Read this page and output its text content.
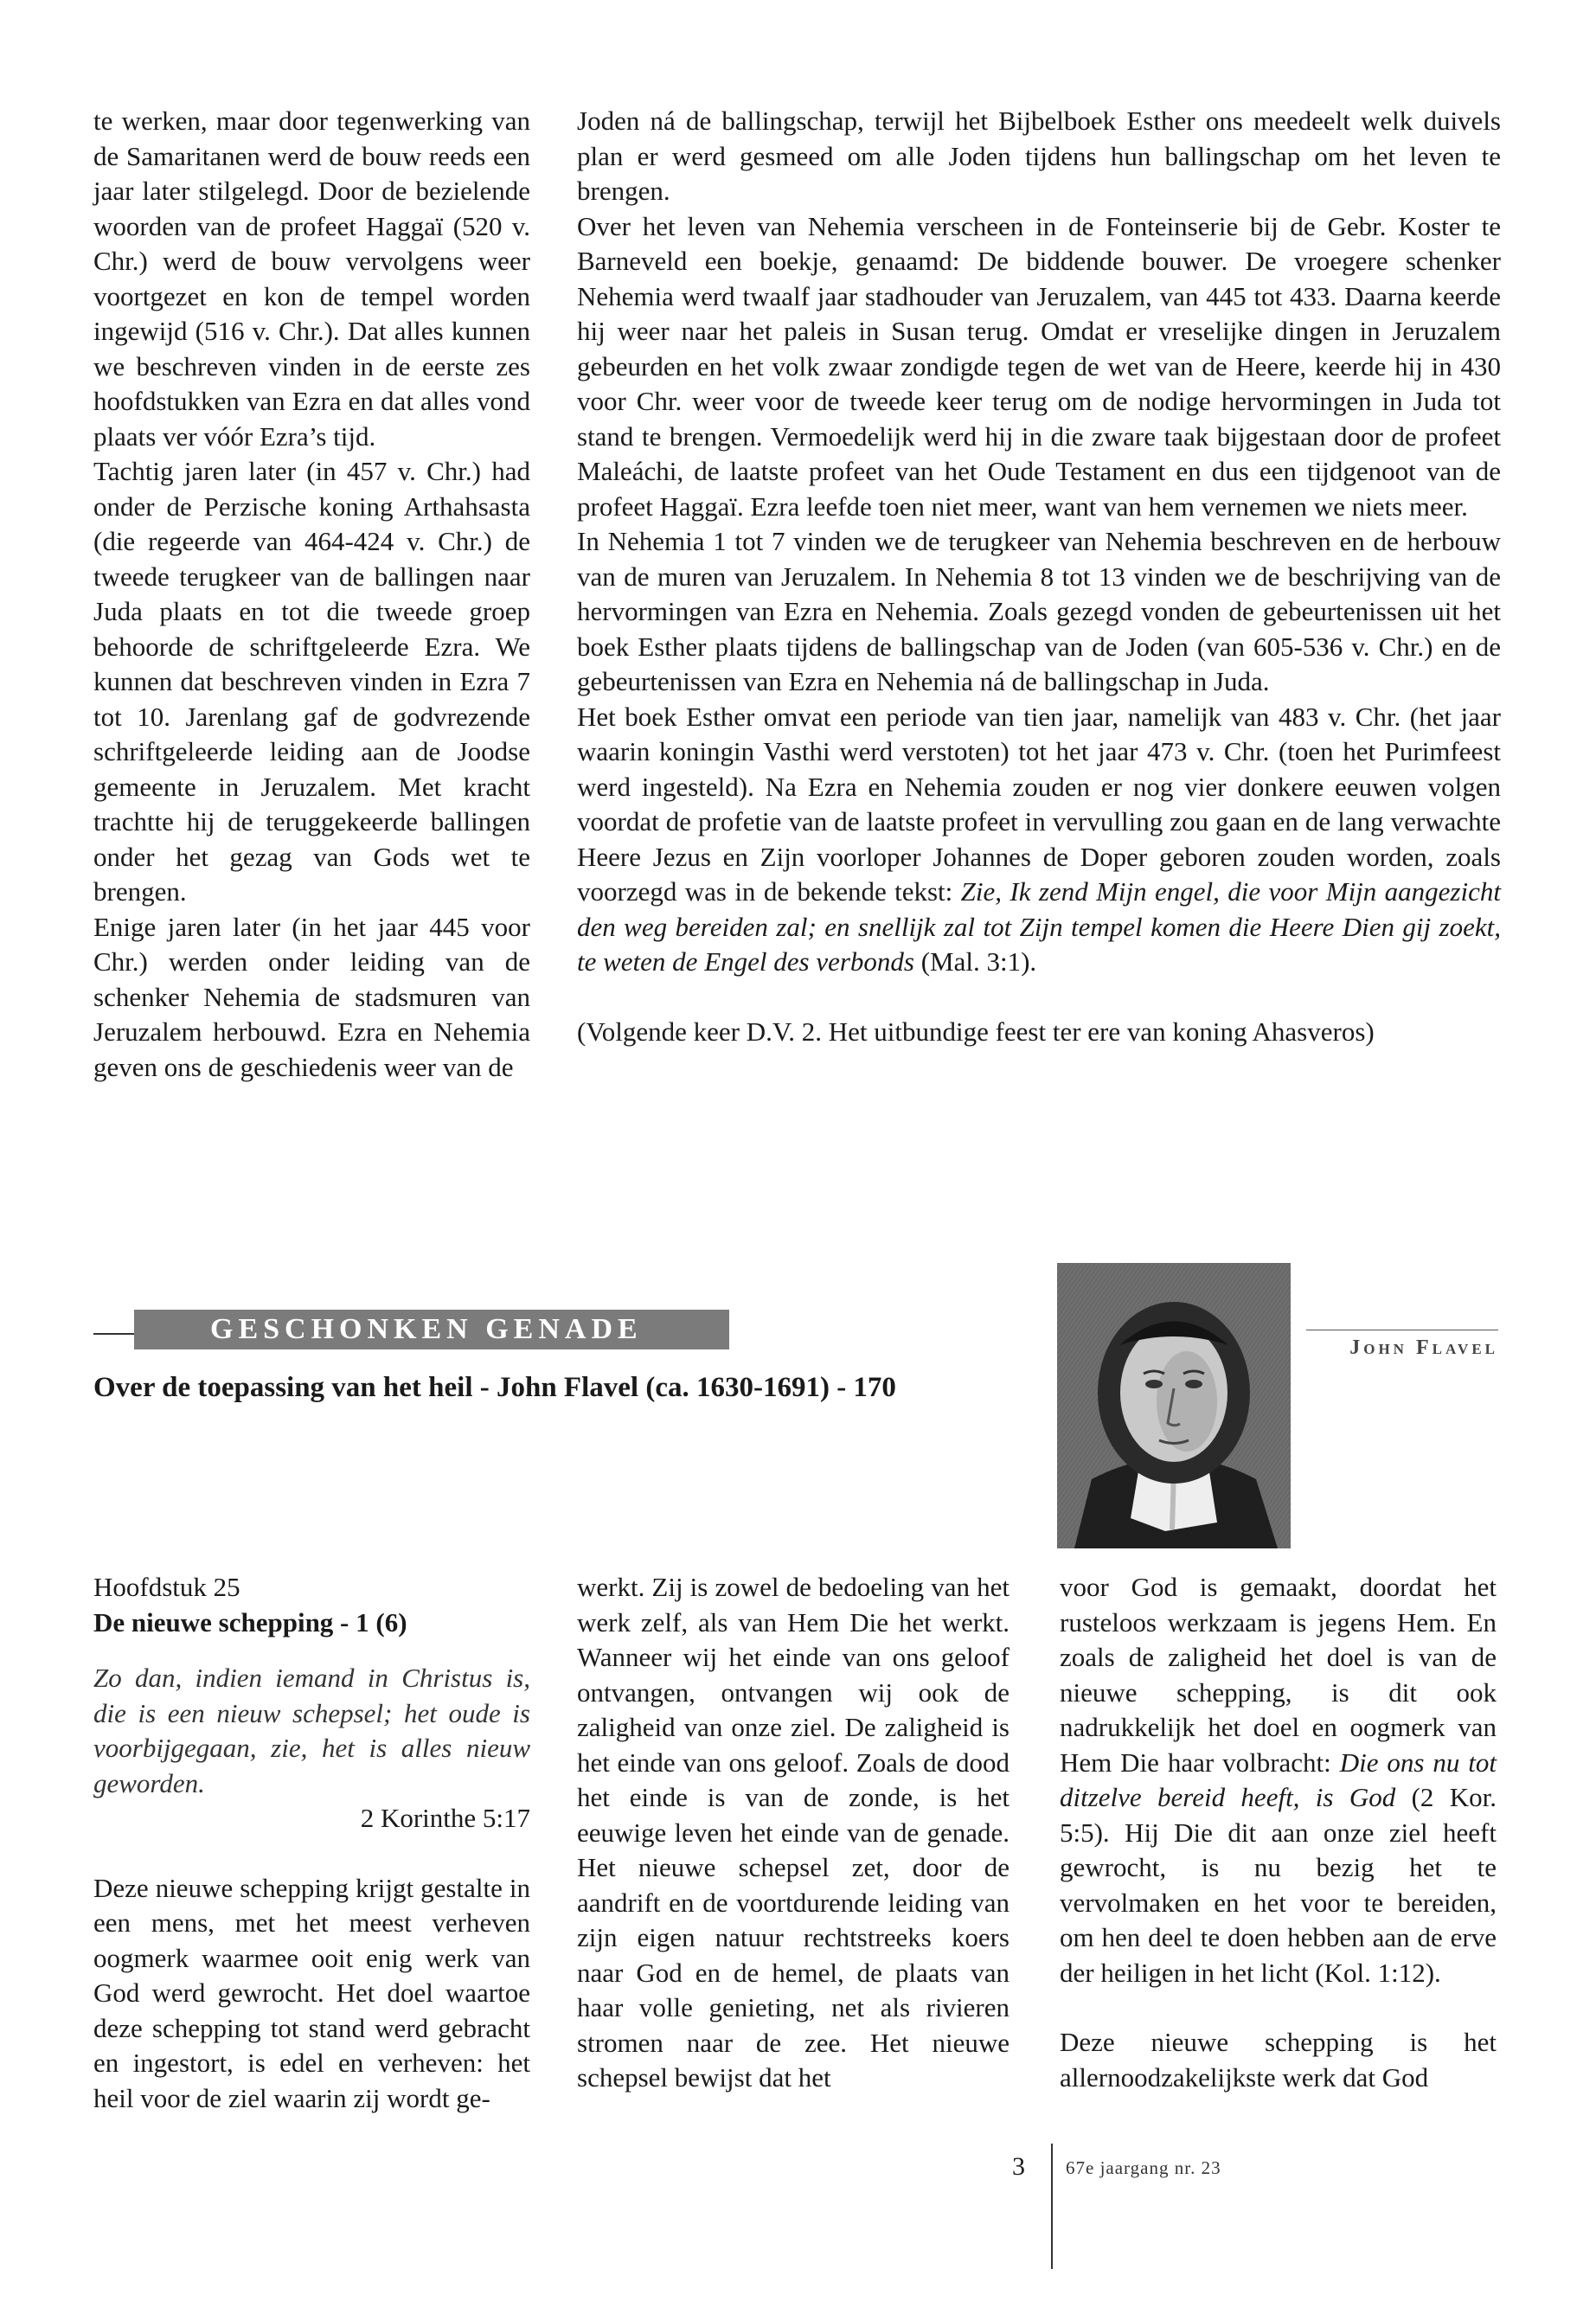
te werken, maar door tegenwerking van de Samaritanen werd de bouw reeds een jaar later stilgelegd. Door de bezielende woorden van de profeet Haggaï (520 v. Chr.) werd de bouw vervolgens weer voortgezet en kon de tempel worden ingewijd (516 v. Chr.). Dat alles kunnen we beschreven vinden in de eerste zes hoofdstukken van Ezra en dat alles vond plaats ver vóór Ezra’s tijd.

Tachtig jaren later (in 457 v. Chr.) had onder de Perzische koning Arthahsasta (die regeerde van 464-424 v. Chr.) de tweede terugkeer van de ballingen naar Juda plaats en tot die tweede groep behoorde de schriftgeleerde Ezra. We kunnen dat beschreven vinden in Ezra 7 tot 10. Jarenlang gaf de godvrezende schriftgeleerde leiding aan de Joodse gemeente in Jeruzalem. Met kracht trachtte hij de teruggekeerde ballingen onder het gezag van Gods wet te brengen.

Enige jaren later (in het jaar 445 voor Chr.) werden onder leiding van de schenker Nehemia de stadsmuren van Jeruzalem herbouwd. Ezra en Nehemia geven ons de geschiedenis weer van de

Joden ná de ballingschap, terwijl het Bijbelboek Esther ons meedeelt welk duivels plan er werd gesmeed om alle Joden tijdens hun ballingschap om het leven te brengen.

Over het leven van Nehemia verscheen in de Fonteinserie bij de Gebr. Koster te Barneveld een boekje, genaamd: De biddende bouwer. De vroegere schenker Nehemia werd twaalf jaar stadhouder van Jeruzalem, van 445 tot 433. Daarna keerde hij weer naar het paleis in Susan terug. Omdat er vreselijke dingen in Jeruzalem gebeurden en het volk zwaar zondigde tegen de wet van de Heere, keerde hij in 430 voor Chr. weer voor de tweede keer terug om de nodige hervormingen in Juda tot stand te brengen. Vermoedelijk werd hij in die zware taak bijgestaan door de profeet Maleáchi, de laatste profeet van het Oude Testament en dus een tijdgenoot van de profeet Haggaï. Ezra leefde toen niet meer, want van hem vernemen we niets meer.

In Nehemia 1 tot 7 vinden we de terugkeer van Nehemia beschreven en de herbouw van de muren van Jeruzalem. In Nehemia 8 tot 13 vinden we de beschrijving van de hervormingen van Ezra en Nehemia. Zoals gezegd vonden de gebeurtenissen uit het boek Esther plaats tijdens de ballingschap van de Joden (van 605-536 v. Chr.) en de gebeurtenissen van Ezra en Nehemia ná de ballingschap in Juda.

Het boek Esther omvat een periode van tien jaar, namelijk van 483 v. Chr. (het jaar waarin koningin Vasthi werd verstoten) tot het jaar 473 v. Chr. (toen het Purimfeest werd ingesteld). Na Ezra en Nehemia zouden er nog vier donkere eeuwen volgen voordat de profetie van de laatste profeet in vervulling zou gaan en de lang verwachte Heere Jezus en Zijn voorloper Johannes de Doper geboren zouden worden, zoals voorzegd was in de bekende tekst: Zie, Ik zend Mijn engel, die voor Mijn aangezicht den weg bereiden zal; en snellijk zal tot Zijn tempel komen die Heere Dien gij zoekt, te weten de Engel des verbonds (Mal. 3:1).

(Volgende keer D.V. 2. Het uitbundige feest ter ere van koning Ahasveros)

GESCHONKEN GENADE
John Flavel
Over de toepassing van het heil - John Flavel (ca. 1630-1691) - 170

Hoofdstuk 25

De nieuwe schepping - 1 (6)

Zo dan, indien iemand in Christus is, die is een nieuw schepsel; het oude is voorbijgegaan, zie, het is alles nieuw geworden.

2 Korinthe 5:17

Deze nieuwe schepping krijgt gestalte in een mens, met het meest verheven oogmerk waarmee ooit enig werk van God werd gewrocht. Het doel waartoe deze schepping tot stand werd gebracht en ingestort, is edel en verheven: het heil voor de ziel waarin zij wordt ge-

werkt. Zij is zowel de bedoeling van het werk zelf, als van Hem Die het werkt. Wanneer wij het einde van ons geloof ontvangen, ontvangen wij ook de zaligheid van onze ziel. De zaligheid is het einde van ons geloof. Zoals de dood het einde is van de zonde, is het eeuwige leven het einde van de genade. Het nieuwe schepsel zet, door de aandrift en de voortdurende leiding van zijn eigen natuur rechtstreeks koers naar God en de hemel, de plaats van haar volle genieting, net als rivieren stromen naar de zee. Het nieuwe schepsel bewijst dat het

voor God is gemaakt, doordat het rusteloos werkzaam is jegens Hem. En zoals de zaligheid het doel is van de nieuwe schepping, is dit ook nadrukkelijk het doel en oogmerk van Hem Die haar volbracht: Die ons nu tot ditzelve bereid heeft, is God (2 Kor. 5:5). Hij Die dit aan onze ziel heeft gewrocht, is nu bezig het te vervolmaken en het voor te bereiden, om hen deel te doen hebben aan de erve der heiligen in het licht (Kol. 1:12).

Deze nieuwe schepping is het allernoodzakelijkste werk dat God

3 67e jaargang nr. 23
